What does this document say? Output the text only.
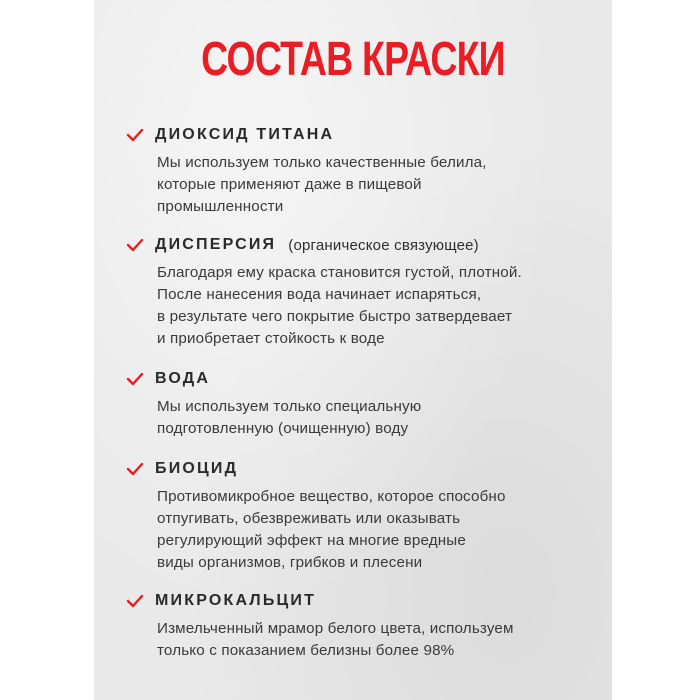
СОСТАВ КРАСКИ
ДИОКСИД ТИТАНА
Мы используем только качественные белила,
которые применяют даже в пищевой
промышленности
ДИСПЕРСИЯ (органическое связующее)
Благодаря ему краска становится густой, плотной.
После нанесения вода начинает испаряться,
в результате чего покрытие быстро затвердевает
и приобретает стойкость к воде
ВОДА
Мы используем только специальную
подготовленную (очищенную) воду
БИОЦИД
Противомикробное вещество, которое способно
отпугивать, обезвреживать или оказывать
регулирующий эффект на многие вредные
виды организмов, грибков и плесени
МИКРОКАЛЬЦИТ
Измельченный мрамор белого цвета, используем
только с показанием белизны более 98%
